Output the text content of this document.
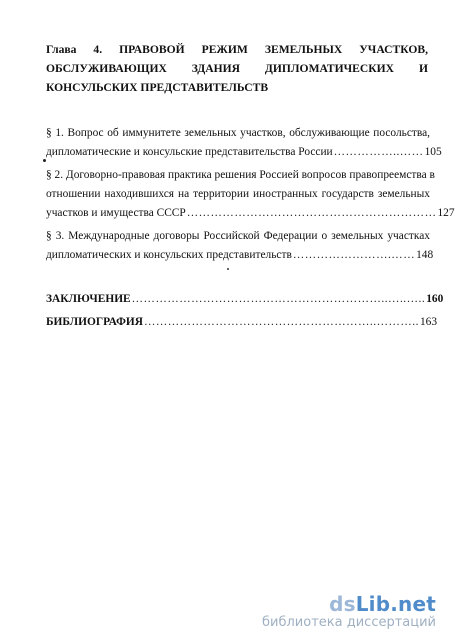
Глава 4. ПРАВОВОЙ РЕЖИМ ЗЕМЕЛЬНЫХ УЧАСТКОВ,
ОБСЛУЖИВАЮЩИХ ЗДАНИЯ ДИПЛОМАТИЧЕСКИХ И
КОНСУЛЬСКИХ ПРЕДСТАВИТЕЛЬСТВ
§ 1. Вопрос об иммунитете земельных участков, обслуживающие посольства,
дипломатические и консульские представительства России ……………..…… 105
§ 2. Договорно-правовая практика решения Россией вопросов правопреемства в
отношении находившихся на территории иностранных государств земельных
участков и имущества СССР ……………………………………………………… 127
§ 3. Международные договоры Российской Федерации о земельных участках
дипломатических и консульских представительств …………………….…… 148
ЗАКЛЮЧЕНИЕ ………………………………………………………..…..….. 160
БИБЛИОГРАФИЯ …………………………………………………..……….. 163
dsLib.net
библиотека диссертаций
